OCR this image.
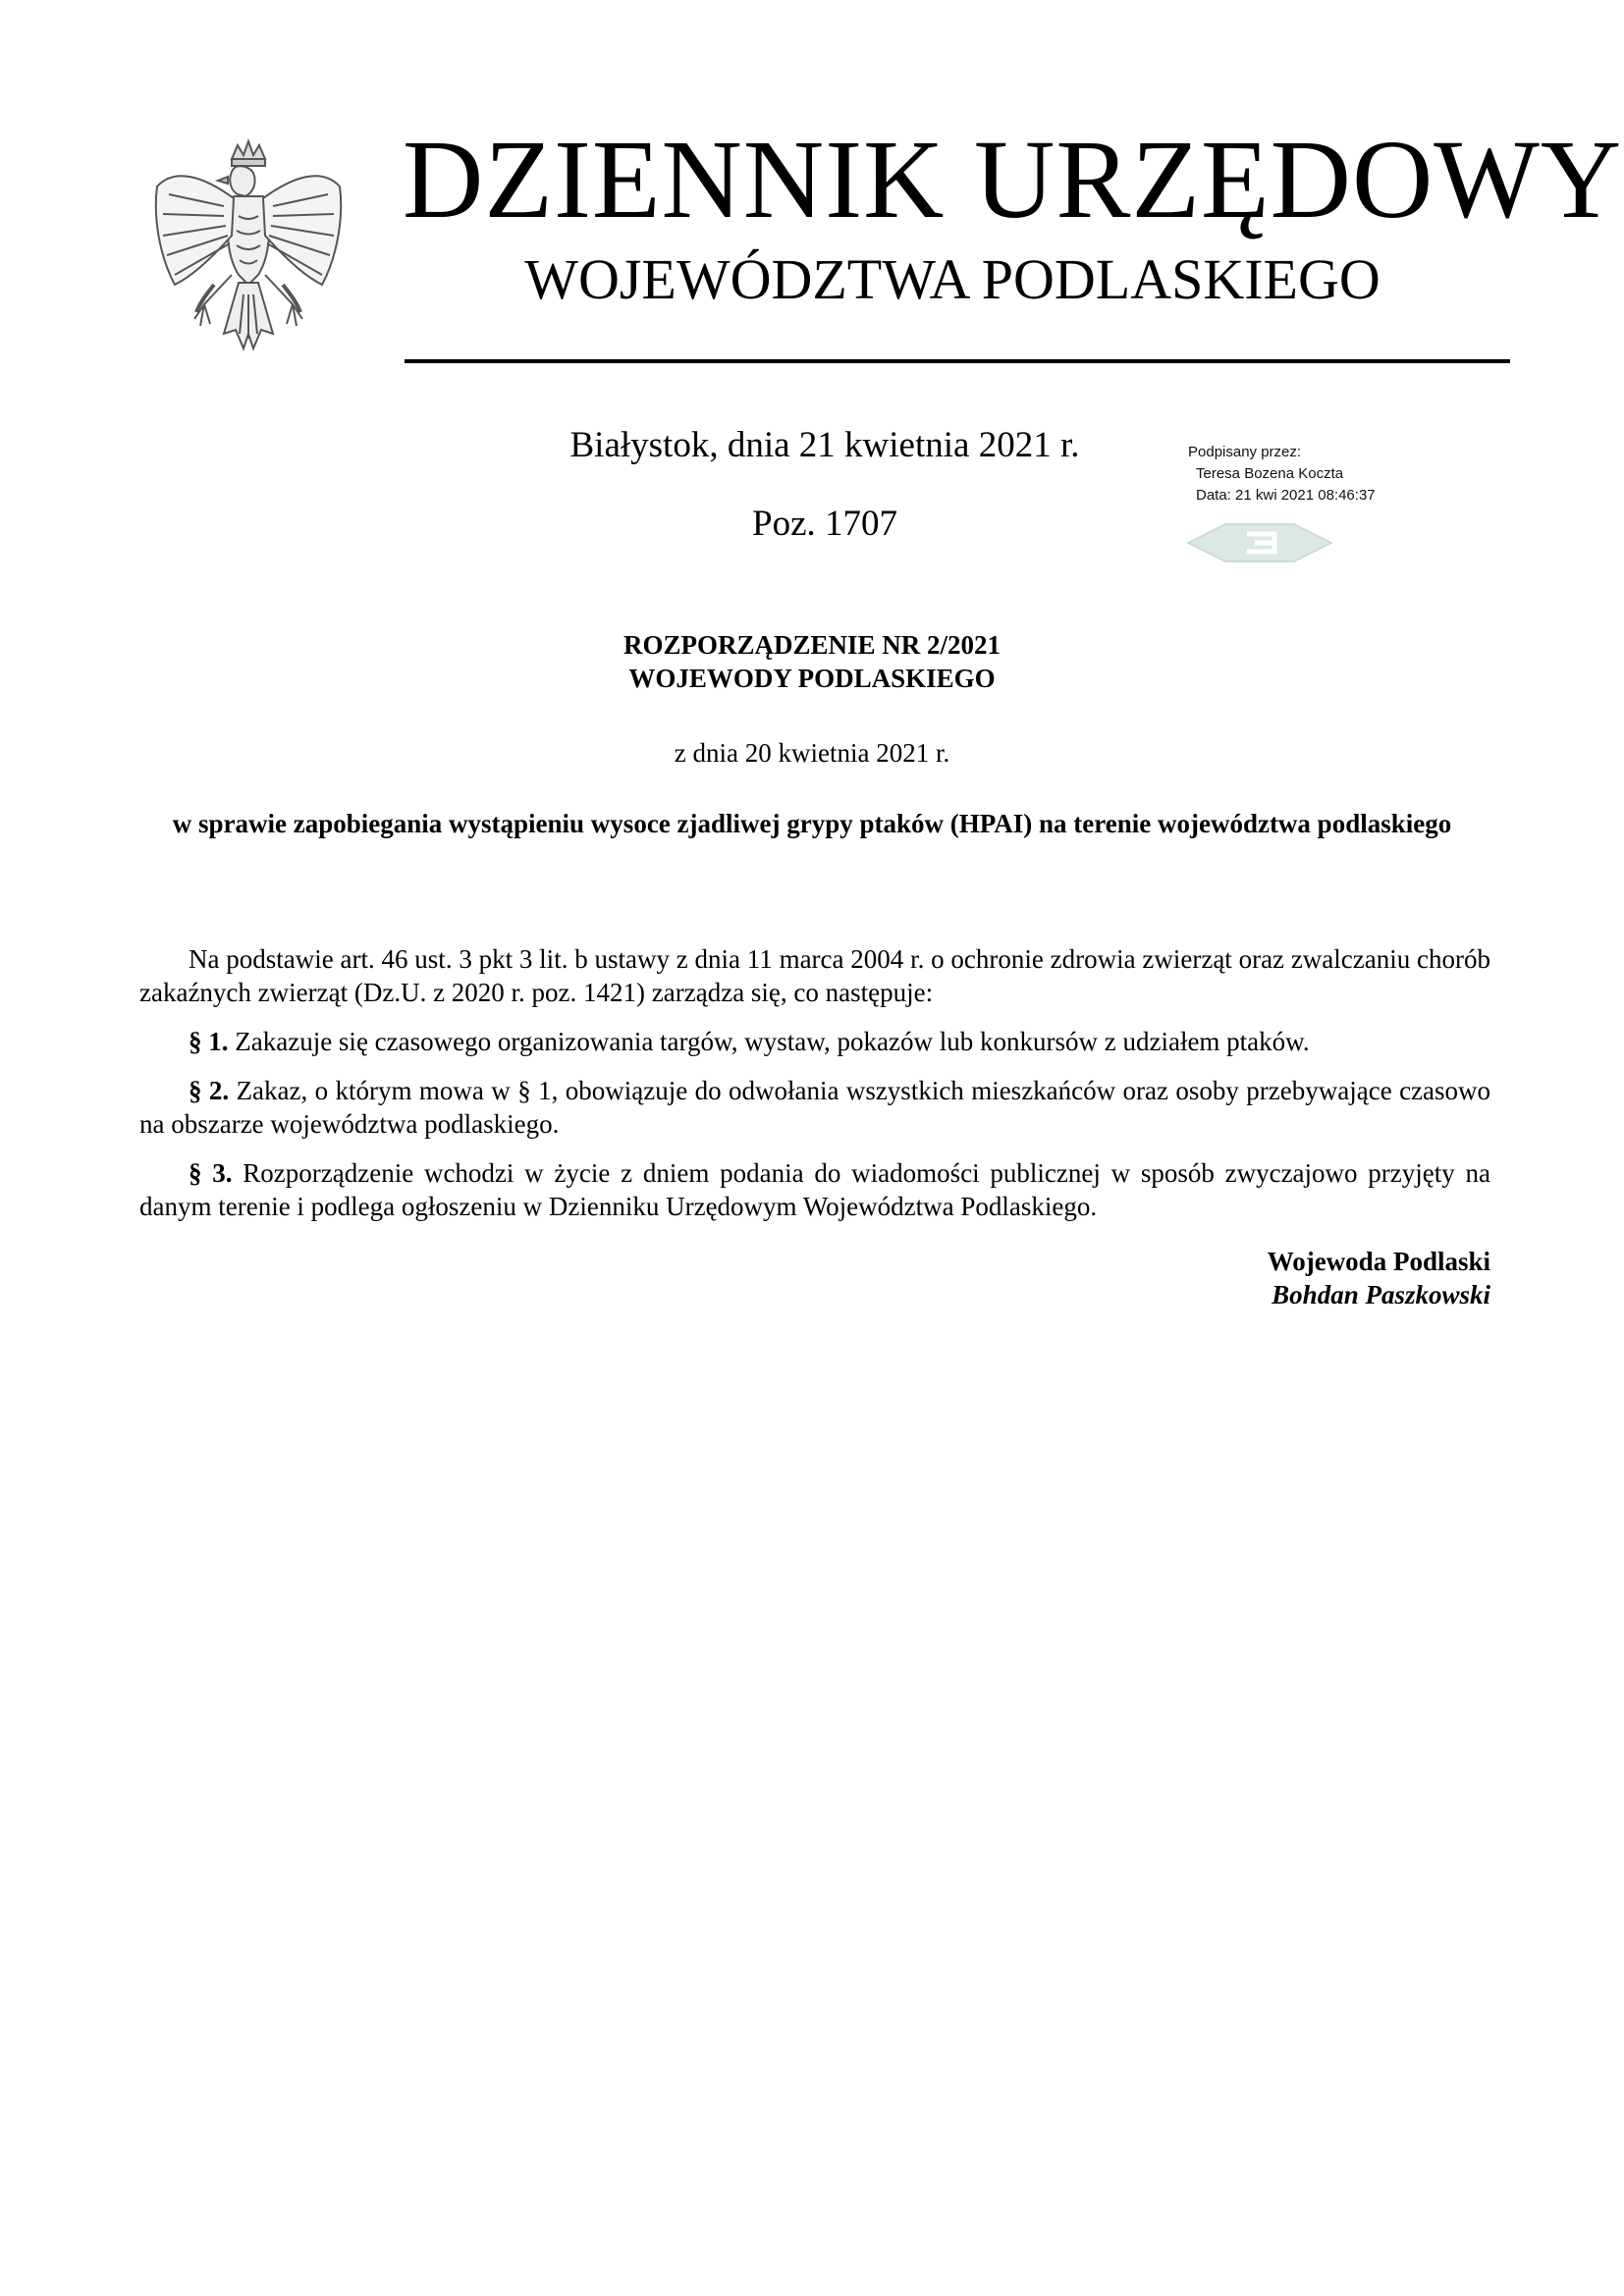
DZIENNIK URZĘDOWY
WOJEWÓDZTWA PODLASKIEGO
Białystok, dnia 21 kwietnia 2021 r.
Poz. 1707
Podpisany przez:
Teresa Bozena Koczta
Data: 21 kwi 2021 08:46:37
ROZPORZĄDZENIE NR 2/2021
WOJEWODY PODLASKIEGO
z dnia 20 kwietnia 2021 r.
w sprawie zapobiegania wystąpieniu wysoce zjadliwej grypy ptaków (HPAI) na terenie województwa podlaskiego

Na podstawie art. 46 ust. 3 pkt 3 lit. b ustawy z dnia 11 marca 2004 r. o ochronie zdrowia zwierząt oraz zwalczaniu chorób zakaźnych zwierząt (Dz.U. z 2020 r. poz. 1421) zarządza się, co następuje:

§ 1. Zakazuje się czasowego organizowania targów, wystaw, pokazów lub konkursów z udziałem ptaków.

§ 2. Zakaz, o którym mowa w § 1, obowiązuje do odwołania wszystkich mieszkańców oraz osoby przebywające czasowo na obszarze województwa podlaskiego.

§ 3. Rozporządzenie wchodzi w życie z dniem podania do wiadomości publicznej w sposób zwyczajowo przyjęty na danym terenie i podlega ogłoszeniu w Dzienniku Urzędowym Województwa Podlaskiego.

Wojewoda Podlaski
Bohdan Paszkowski
